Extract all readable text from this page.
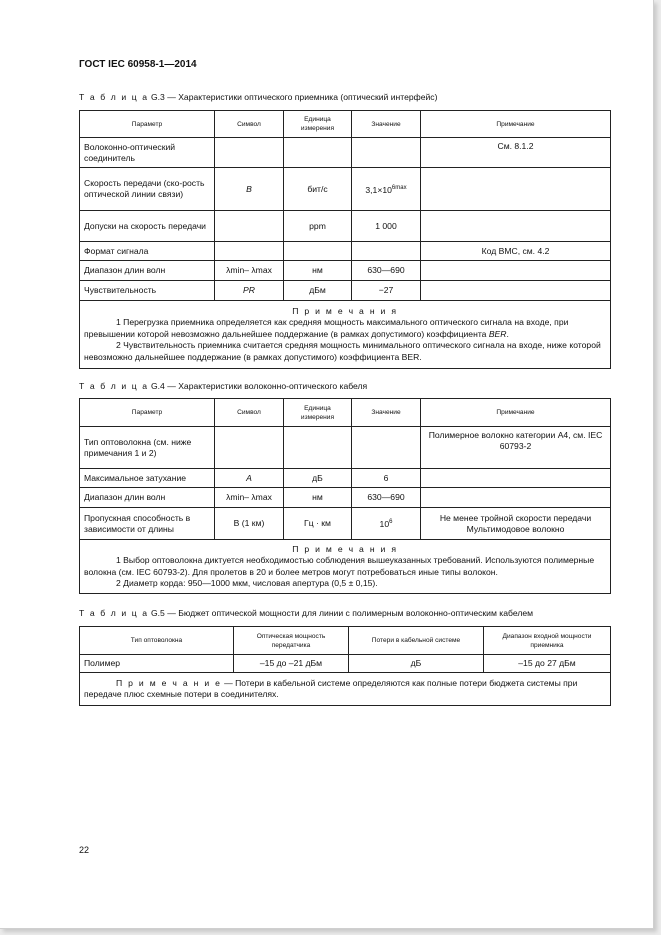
ГОСТ IEC 60958-1—2014
Т а б л и ц а G.3 — Характеристики оптического приемника (оптический интерфейс)
Параметр	Символ	Единица измерения	Значение	Примечание
Волоконно-оптический соединитель				См. 8.1.2
Скорость передачи (ско-рость оптической линии связи)	B	бит/с	$3,1\times 10^{6max}$	
Допуски на скорость передачи		ppm	1 000	
Формат сигнала				Код BMC, см. 4.2
Диапазон длин волн	λmin– λmax	нм	630—690	
Чувствительность	PR	дБм	−27	

П р и м е ч а н и я
1 Перегрузка приемника определяется как средняя мощность максимального оптического сигнала на входе, при превышении которой невозможно дальнейшее поддержание (в рамках допустимого) коэффициента BER.
2 Чувствительность приемника считается средняя мощность минимального оптического сигнала на входе, ниже которой невозможно дальнейшее поддержание (в рамках допустимого) коэффициента BER.				
Т а б л и ц а G.4 — Характеристики волоконно-оптического кабеля
Параметр	Символ	Единица измерения	Значение	Примечание
Тип оптоволокна (см. ниже примечания 1 и 2)				Полимерное волокно категории А4, см. IEC 60793-2
Максимальное затухание	A	дБ	6	
Диапазон длин волн	λmin– λmax	нм	630—690	
Пропускная способность в зависимости от длины	B (1 км)	Гц · км	$10^6$	Не менее тройной скорости передачи Мультимодовое волокно

П р и м е ч а н и я
1 Выбор оптоволокна диктуется необходимостью соблюдения вышеуказанных требований. Используются полимерные волокна (см. IEC 60793-2). Для пролетов в 20 и более метров могут потребоваться иные типы волокон.
2 Диаметр корда: 950—1000 мкм, числовая апертура (0,5 ± 0,15).				
Т а б л и ц а G.5 — Бюджет оптической мощности для линии с полимерным волоконно-оптическим кабелем
Тип оптоволокна	Оптическая мощность передатчика	Потери в кабельной системе	Диапазон входной мощности приемника
Полимер	–15 до –21 дБм	дБ	–15 до 27 дБм

П р и м е ч а н и е — Потери в кабельной системе определяются как полные потери бюджета системы при передаче плюс схемные потери в соединителях.			
22
